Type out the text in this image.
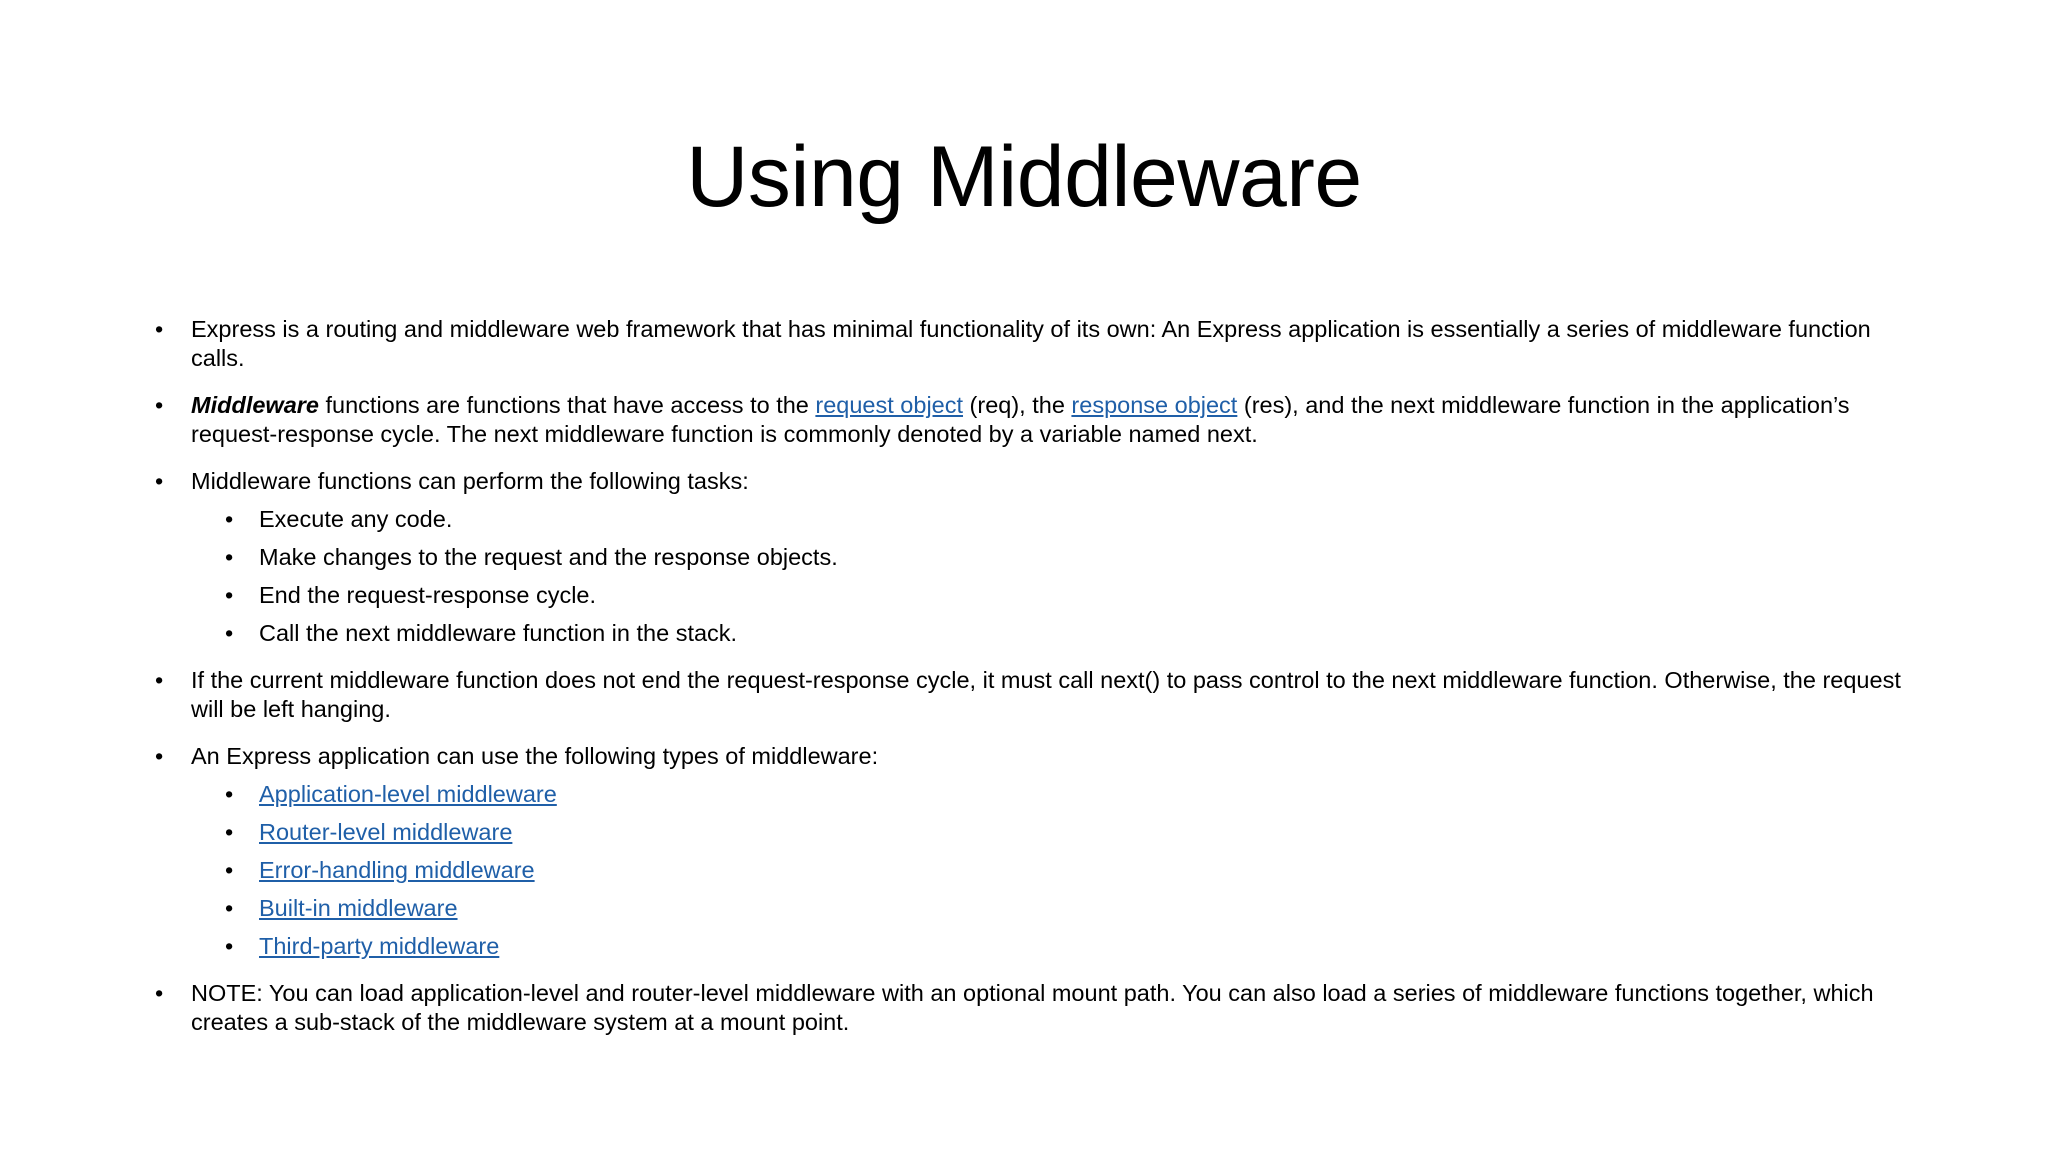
Using Middleware
•	Express is a routing and middleware web framework that has minimal functionality of its own: An Express application is essentially a series of middleware function calls.
•	Middleware functions are functions that have access to the request object (req), the response object (res), and the next middleware function in the application’s request-response cycle. The next middleware function is commonly denoted by a variable named next.
•	Middleware functions can perform the following tasks:
•	Execute any code.
•	Make changes to the request and the response objects.
•	End the request-response cycle.
•	Call the next middleware function in the stack.
•	If the current middleware function does not end the request-response cycle, it must call next() to pass control to the next middleware function. Otherwise, the request will be left hanging.
•	An Express application can use the following types of middleware:
•	Application-level middleware
•	Router-level middleware
•	Error-handling middleware
•	Built-in middleware
•	Third-party middleware
•	NOTE: You can load application-level and router-level middleware with an optional mount path. You can also load a series of middleware functions together, which creates a sub-stack of the middleware system at a mount point.
